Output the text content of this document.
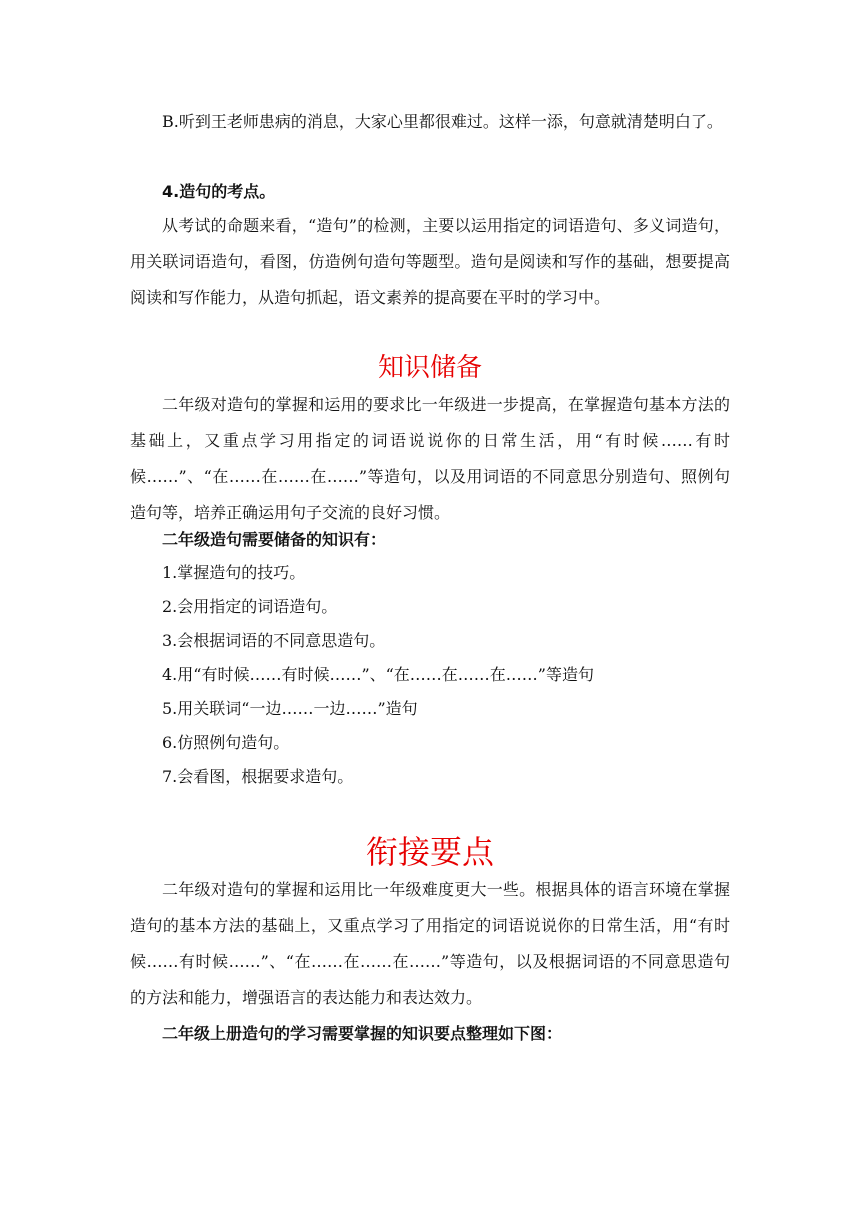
B.听到王老师患病的消息，大家心里都很难过。这样一添，句意就清楚明白了。

4.造句的考点。

从考试的命题来看，“造句”的检测，主要以运用指定的词语造句、多义词造句，用关联词语造句，看图，仿造例句造句等题型。造句是阅读和写作的基础，想要提高阅读和写作能力，从造句抓起，语文素养的提高要在平时的学习中。

知识储备

二年级对造句的掌握和运用的要求比一年级进一步提高，在掌握造句基本方法的基础上，又重点学习用指定的词语说说你的日常生活，用“有时候……有时候……”、“在……在……在……”等造句，以及用词语的不同意思分别造句、照例句造句等，培养正确运用句子交流的良好习惯。

二年级造句需要储备的知识有：

1.掌握造句的技巧。
2.会用指定的词语造句。
3.会根据词语的不同意思造句。
4.用“有时候……有时候……”、“在……在……在……”等造句
5.用关联词“一边……一边……”造句
6.仿照例句造句。
7.会看图，根据要求造句。
衔接要点

二年级对造句的掌握和运用比一年级难度更大一些。根据具体的语言环境在掌握造句的基本方法的基础上，又重点学习了用指定的词语说说你的日常生活，用“有时候……有时候……”、“在……在……在……”等造句，以及根据词语的不同意思造句的方法和能力，增强语言的表达能力和表达效力。

二年级上册造句的学习需要掌握的知识要点整理如下图：
